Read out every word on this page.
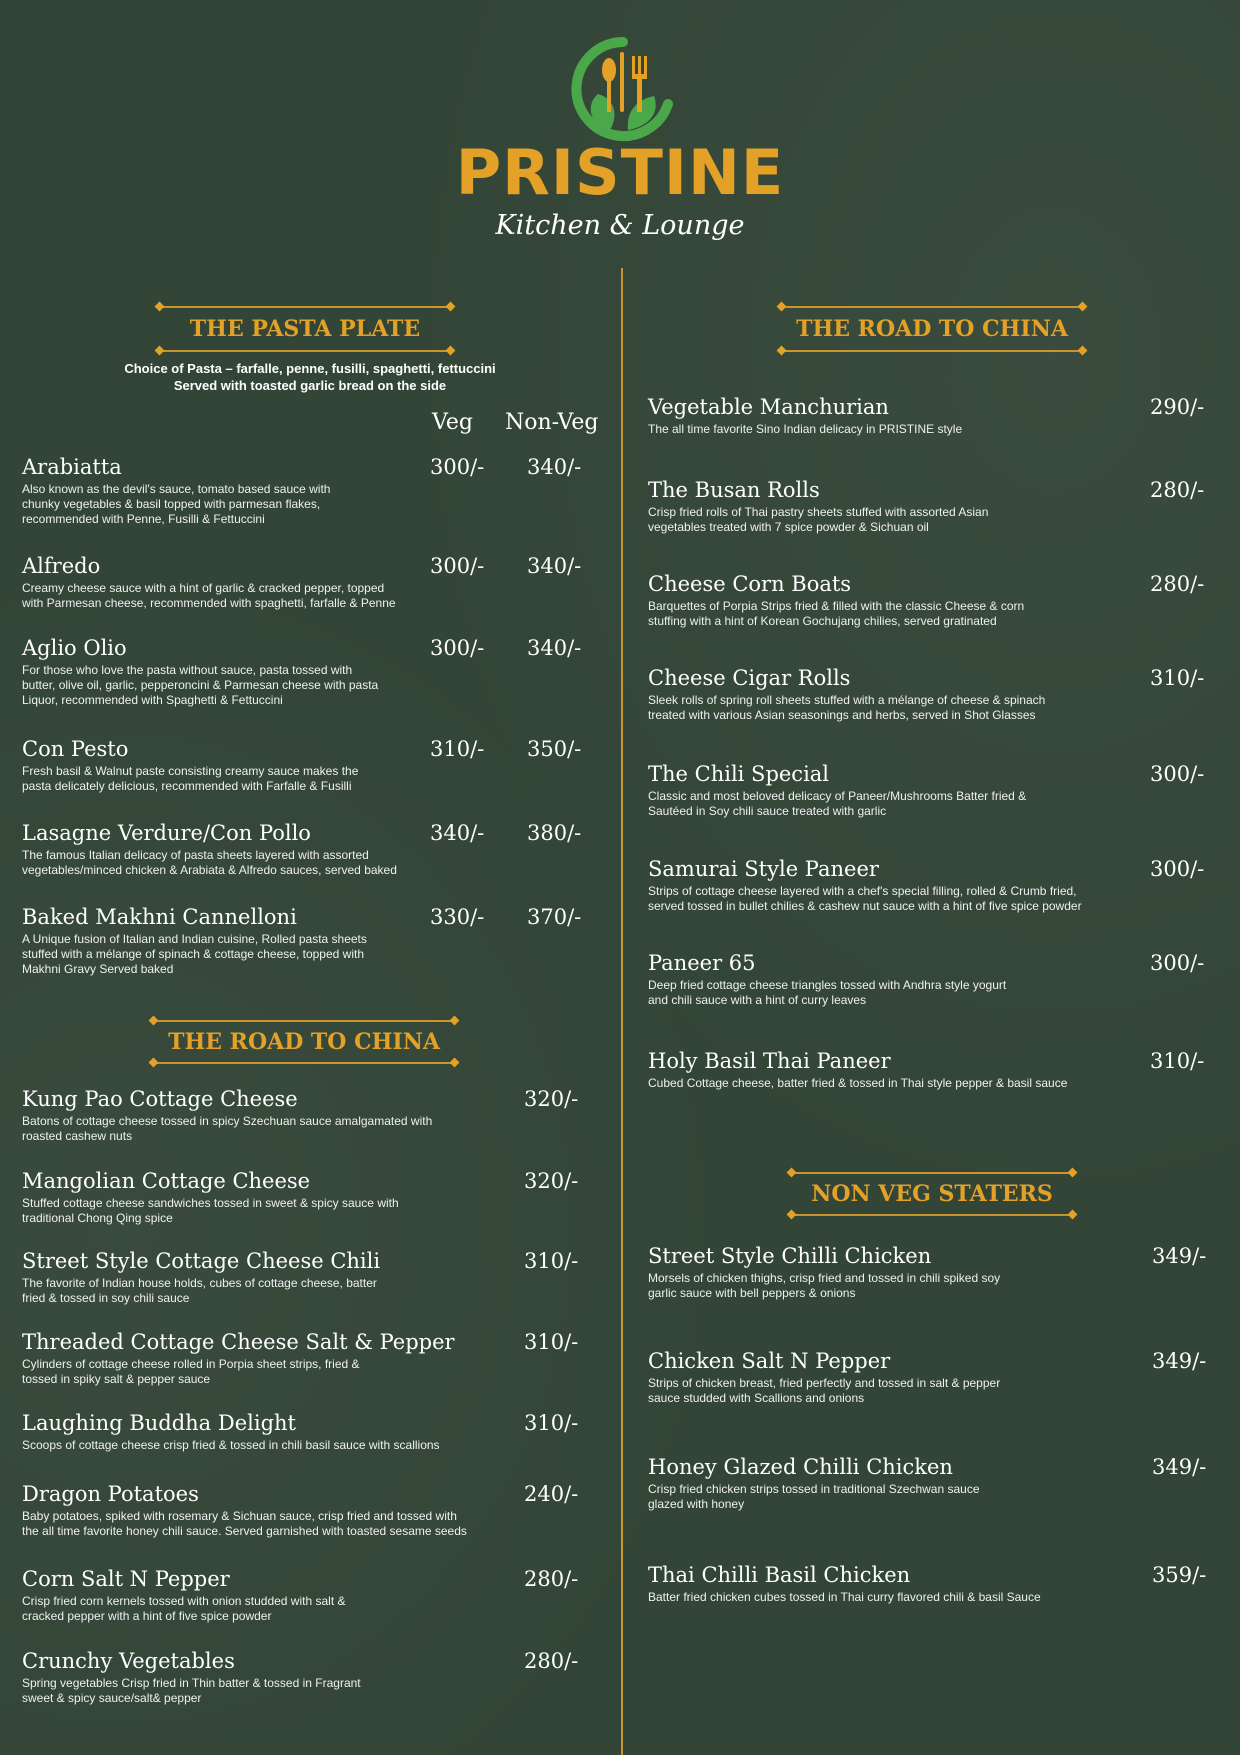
PRISTINE
Kitchen & Lounge
THE PASTA PLATE
Choice of Pasta – farfalle, penne, fusilli, spaghetti, fettuccini
Served with toasted garlic bread on the side
Veg Non-Veg
Arabiatta
Also known as the devil's sauce, tomato based sauce with
chunky vegetables & basil topped with parmesan flakes,
recommended with Penne, Fusilli & Fettuccini
300/- 340/-
Alfredo
Creamy cheese sauce with a hint of garlic & cracked pepper, topped
with Parmesan cheese, recommended with spaghetti, farfalle & Penne
300/- 340/-
Aglio Olio
For those who love the pasta without sauce, pasta tossed with
butter, olive oil, garlic, pepperoncini & Parmesan cheese with pasta
Liquor, recommended with Spaghetti & Fettuccini
300/- 340/-
Con Pesto
Fresh basil & Walnut paste consisting creamy sauce makes the
pasta delicately delicious, recommended with Farfalle & Fusilli
310/- 350/-
Lasagne Verdure/Con Pollo
The famous Italian delicacy of pasta sheets layered with assorted
vegetables/minced chicken & Arabiata & Alfredo sauces, served baked
340/- 380/-
Baked Makhni Cannelloni
A Unique fusion of Italian and Indian cuisine, Rolled pasta sheets
stuffed with a mélange of spinach & cottage cheese, topped with
Makhni Gravy Served baked
330/- 370/-
THE ROAD TO CHINA
Kung Pao Cottage Cheese
Batons of cottage cheese tossed in spicy Szechuan sauce amalgamated with
roasted cashew nuts
320/-
Mangolian Cottage Cheese
Stuffed cottage cheese sandwiches tossed in sweet & spicy sauce with
traditional Chong Qing spice
320/-
Street Style Cottage Cheese Chili
The favorite of Indian house holds, cubes of cottage cheese, batter
fried & tossed in soy chili sauce
310/-
Threaded Cottage Cheese Salt & Pepper
Cylinders of cottage cheese rolled in Porpia sheet strips, fried &
tossed in spiky salt & pepper sauce
310/-
Laughing Buddha Delight
Scoops of cottage cheese crisp fried & tossed in chili basil sauce with scallions
310/-
Dragon Potatoes
Baby potatoes, spiked with rosemary & Sichuan sauce, crisp fried and tossed with
the all time favorite honey chili sauce. Served garnished with toasted sesame seeds
240/-
Corn Salt N Pepper
Crisp fried corn kernels tossed with onion studded with salt &
cracked pepper with a hint of five spice powder
280/-
Crunchy Vegetables
Spring vegetables Crisp fried in Thin batter & tossed in Fragrant
sweet & spicy sauce/salt& pepper
280/-
THE ROAD TO CHINA
Vegetable Manchurian
The all time favorite Sino Indian delicacy in PRISTINE style
290/-
The Busan Rolls
Crisp fried rolls of Thai pastry sheets stuffed with assorted Asian
vegetables treated with 7 spice powder & Sichuan oil
280/-
Cheese Corn Boats
Barquettes of Porpia Strips fried & filled with the classic Cheese & corn
stuffing with a hint of Korean Gochujang chilies, served gratinated
280/-
Cheese Cigar Rolls
Sleek rolls of spring roll sheets stuffed with a mélange of cheese & spinach
treated with various Asian seasonings and herbs, served in Shot Glasses
310/-
The Chili Special
Classic and most beloved delicacy of Paneer/Mushrooms Batter fried &
Sautéed in Soy chili sauce treated with garlic
300/-
Samurai Style Paneer
Strips of cottage cheese layered with a chef's special filling, rolled & Crumb fried,
served tossed in bullet chilies & cashew nut sauce with a hint of five spice powder
300/-
Paneer 65
Deep fried cottage cheese triangles tossed with Andhra style yogurt
and chili sauce with a hint of curry leaves
300/-
Holy Basil Thai Paneer
Cubed Cottage cheese, batter fried & tossed in Thai style pepper & basil sauce
310/-
NON VEG STATERS
Street Style Chilli Chicken
Morsels of chicken thighs, crisp fried and tossed in chili spiked soy
garlic sauce with bell peppers & onions
349/-
Chicken Salt N Pepper
Strips of chicken breast, fried perfectly and tossed in salt & pepper
sauce studded with Scallions and onions
349/-
Honey Glazed Chilli Chicken
Crisp fried chicken strips tossed in traditional Szechwan sauce
glazed with honey
349/-
Thai Chilli Basil Chicken
Batter fried chicken cubes tossed in Thai curry flavored chili & basil Sauce
359/-
